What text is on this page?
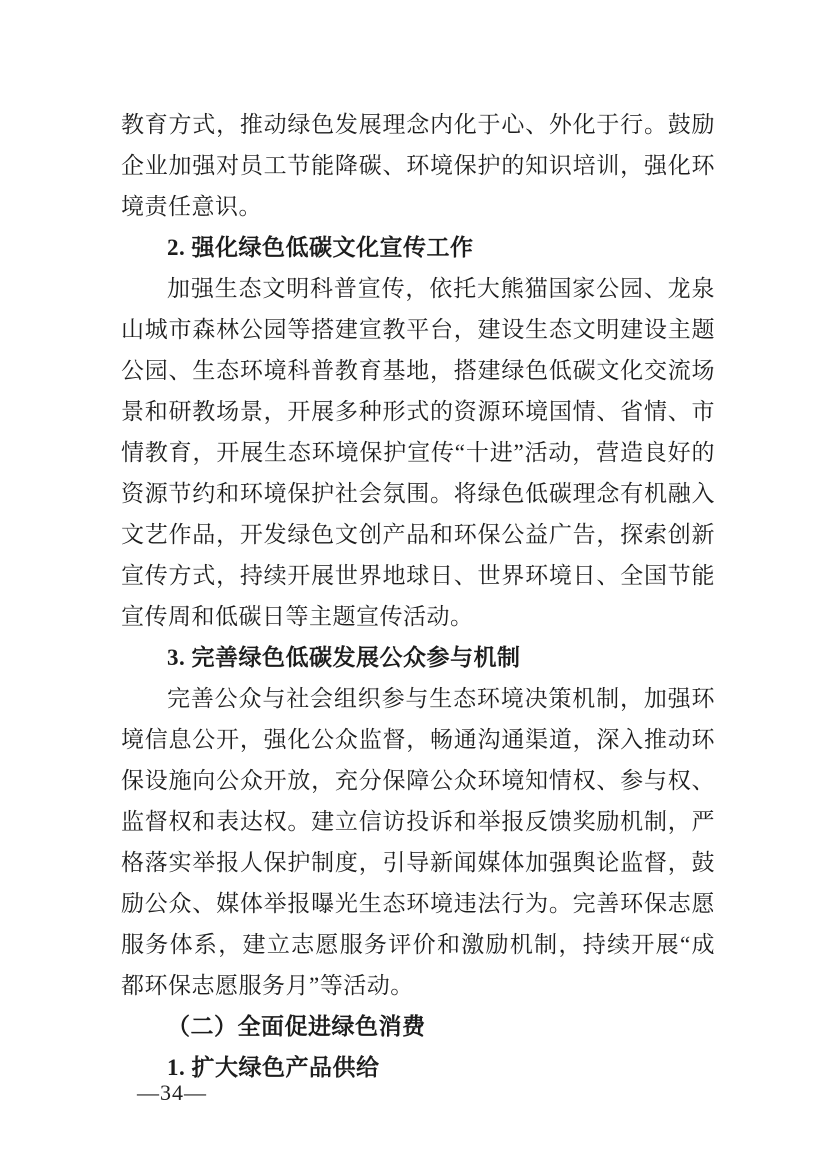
教育方式，推动绿色发展理念内化于心、外化于行。鼓励企业加强对员工节能降碳、环境保护的知识培训，强化环境责任意识。

2. 强化绿色低碳文化宣传工作

加强生态文明科普宣传，依托大熊猫国家公园、龙泉山城市森林公园等搭建宣教平台，建设生态文明建设主题公园、生态环境科普教育基地，搭建绿色低碳文化交流场景和研教场景，开展多种形式的资源环境国情、省情、市情教育，开展生态环境保护宣传“十进”活动，营造良好的资源节约和环境保护社会氛围。将绿色低碳理念有机融入文艺作品，开发绿色文创产品和环保公益广告，探索创新宣传方式，持续开展世界地球日、世界环境日、全国节能宣传周和低碳日等主题宣传活动。

3. 完善绿色低碳发展公众参与机制

完善公众与社会组织参与生态环境决策机制，加强环境信息公开，强化公众监督，畅通沟通渠道，深入推动环保设施向公众开放，充分保障公众环境知情权、参与权、监督权和表达权。建立信访投诉和举报反馈奖励机制，严格落实举报人保护制度，引导新闻媒体加强舆论监督，鼓励公众、媒体举报曝光生态环境违法行为。完善环保志愿服务体系，建立志愿服务评价和激励机制，持续开展“成都环保志愿服务月”等活动。

（二）全面促进绿色消费

1. 扩大绿色产品供给

—34—
